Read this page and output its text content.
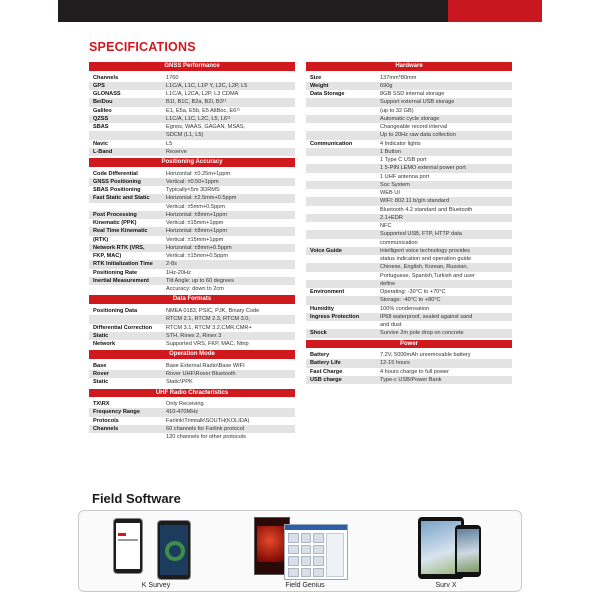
SPECIFICATIONS
GNSS Performance
Channels	1760
GPS	L1C/A, L1C, L1P Y, L2C, L2P, L5
GLONASS	L1C/A, L2CA, L2P, L3 CDMA
BeiDou	B1I, B1C, B2a, B2I, B3¹¹
Galileo	E1, E5a, E5b, E5 AltBoc, E6¹¹
QZSS	L1C/A, L1C, L2C, L5, L6¹¹
SBAS	Egnos, WAAS, GAGAN, MSAS,
SDCM (L1, L5)
Navic	L5
L-Band	Reserve
Positioning Accuracy
Code Differential	Horizontal: ±0.25m+1ppm
GNSS Positioning	Vertical: ±0.50+1ppm
SBAS Positioning	Typically<5m 3DRMS
Fast Static and Static	Horizontal: ±2.5mm+0.5ppm
Vertical: ±5mm+0.5ppm
Post Processing	Horizontal: ±8mm+1ppm
Kinematic (PPK)	Vertical: ±15mm+1ppm
Real Time Kinematic	Horizontal: ±8mm+1ppm
(RTK)	Vertical: ±15mm+1ppm
Network RTK (VRS,	Horizontal: ±8mm+0.5ppm
FKP, MAC)	Vertical: ±15mm+0.5ppm
RTK Initialization Time	2-8s
Positioning Rate	1Hz-20Hz
Inertial Measurement	Tilt Angle: up to 60 degrees
Accuracy: down to 2cm
Data Formats
Positioning Data	NMEA 0183, PSIC, PJK, Binary Code
RTCM 2.1, RTCM 2.3, RTCM 3.0,
Differential Correction	RTCM 3.1, RTCM 3.2,CMR,CMR+
Static	STH, Rinex 2, Rinex 3
Network	Supported VRS, FKP, MAC, Ntrip
Operation Mode
Base	Base External Radio\Base WIFI
Rover	Rover UHF\Rover Bluetooth
Static	Static\PPK
UHF Radio Chracteristics
TX\RX	Only Receiving
Frequency Range	410-470MHz
Protocols	Farlink\Trimtalk\SOUTH(KOLIDA)
Channels	60 channels for Farlink protocol
120 channels for other protocols
Hardware
Size	137mm*80mm
Weight	690g
Data Storage	8GB SSD internal storage
Support external USB storage
(up to 32 GB)
Automatic cycle storage
Changeable record interval
Up to 20Hz raw data collection
Communication	4 Indicator lights
1 Button
1 Type C USB port
1 5-PIN LEMO external power port
1 UHF antenna port
Soc System
WEB UI
WIFI: 802.11 b/g/n standard
Bluetooth 4.2 standard and Bluetooth
2.1+EDR
NFC
Supported USB, FTP, HTTP data
communication
Voice Guide	Intelligent voice technology provides
status indication and operation guide
Chinese, English, Korean, Russian,
Portuguese, Spanish,Turkish and user
define
Environment	Operating: -30°C to +70°C
Storage: -40°C to +80°C
Humidity	100% condensation
Ingress Protection	IP68 waterproof, sealed against sand
and dust
Shock	Survive 2m pole drop on concrete
Power
Battery	7.2V, 5000mAh unremovable battery
Battery Life	12-15 hours
Fast Charge	4 hours charge to full power
USB charge	Type-c USB/Power Bank
Field Software
K Survey	Field Genius	Surv X
